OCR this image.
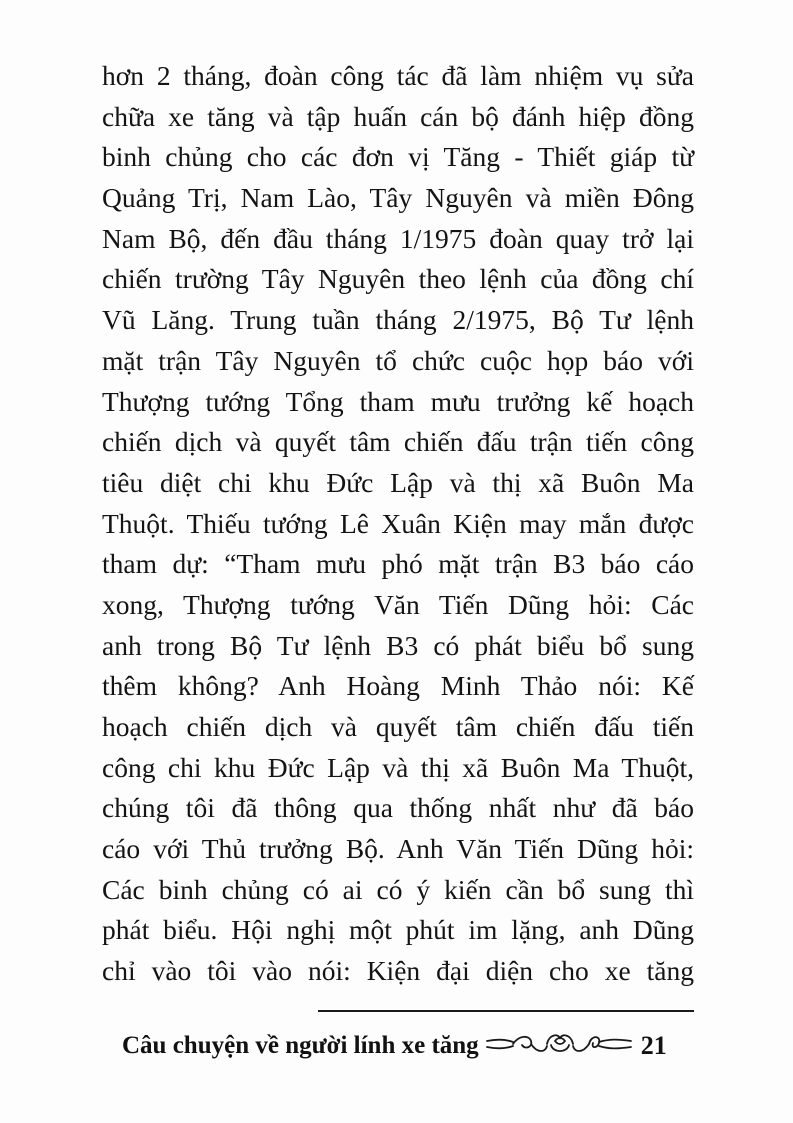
hơn 2 tháng, đoàn công tác đã làm nhiệm vụ sửa
chữa xe tăng và tập huấn cán bộ đánh hiệp đồng
binh chủng cho các đơn vị Tăng - Thiết giáp từ
Quảng Trị, Nam Lào, Tây Nguyên và miền Đông
Nam Bộ, đến đầu tháng 1/1975 đoàn quay trở lại
chiến trường Tây Nguyên theo lệnh của đồng chí
Vũ Lăng. Trung tuần tháng 2/1975, Bộ Tư lệnh
mặt trận Tây Nguyên tổ chức cuộc họp báo với
Thượng tướng Tổng tham mưu trưởng kế hoạch
chiến dịch và quyết tâm chiến đấu trận tiến công
tiêu diệt chi khu Đức Lập và thị xã Buôn Ma
Thuột. Thiếu tướng Lê Xuân Kiện may mắn được
tham dự: “Tham mưu phó mặt trận B3 báo cáo
xong, Thượng tướng Văn Tiến Dũng hỏi: Các
anh trong Bộ Tư lệnh B3 có phát biểu bổ sung
thêm không? Anh Hoàng Minh Thảo nói: Kế
hoạch chiến dịch và quyết tâm chiến đấu tiến
công chi khu Đức Lập và thị xã Buôn Ma Thuột,
chúng tôi đã thông qua thống nhất như đã báo
cáo với Thủ trưởng Bộ. Anh Văn Tiến Dũng hỏi:
Các binh chủng có ai có ý kiến cần bổ sung thì
phát biểu. Hội nghị một phút im lặng, anh Dũng
chỉ vào tôi vào nói: Kiện đại diện cho xe tăng
Câu chuyện về người lính xe tăng	21
